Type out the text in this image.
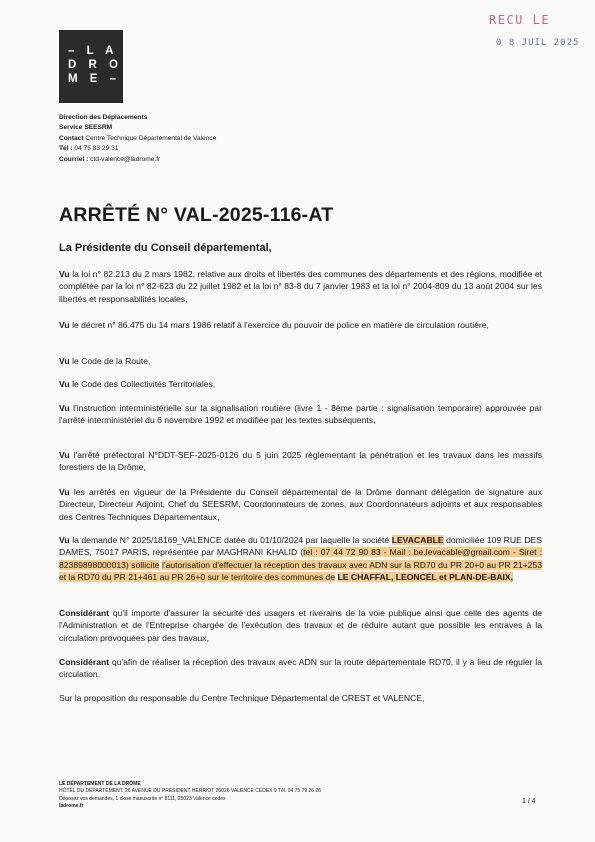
RECU LE
0 8 JUIL 2025
– L A
D R O
M E –
Direction des Déplacements
Service SEESRM
Contact Centre Technique Départemental de Valence
Tél : 04 75 83 29 31
Courriel : ctd-valence@ladrome.fr
ARRÊTÉ N° VAL-2025-116-AT
La Présidente du Conseil départemental,
Vu la loi n° 82.213 du 2 mars 1982, relative aux droits et libertés des communes des départements et des régions, modifiée et complétée par la loi n° 82-623 du 22 juillet 1982 et la loi n° 83-8 du 7 janvier 1983 et la loi n° 2004-809 du 13 août 2004 sur les libertés et responsabilités locales,
Vu le décret n° 86.475 du 14 mars 1986 relatif à l'exercice du pouvoir de police en matière de circulation routière,
Vu le Code de la Route,
Vu le Code des Collectivités Territoriales,
Vu l'instruction interministérielle sur la signalisation routière (livre 1 - 8ème partie : signalisation temporaire) approuvée par l'arrêté interministériel du 6 novembre 1992 et modifiée par les textes subséquents,
Vu l'arrêté préfectoral N°DDT-SEF-2025-0126 du 5 juin 2025 règlementant la pénétration et les travaux dans les massifs forestiers de la Drôme,
Vu les arrêtés en vigueur de la Présidente du Conseil départemental de la Drôme donnant délégation de signature aux Directeur, Directeur Adjoint, Chef du SEESRM, Coordonnateurs de zones, aux Coordonnateurs adjoints et aux responsables des Centres Techniques Départementaux,
Vu la demande N° 2025/18169_VALENCE datée du 01/10/2024 par laquelle la société LEVACABLE domiciliée 109 RUE DES DAMES, 75017 PARIS, représentée par MAGHRANI KHALID (tel : 07 44 72 90 83 - Mail : be.levacable@gmail.com - Siret : 82389898000013) sollicite l'autorisation d'effectuer la réception des travaux avec ADN sur la RD70 du PR 20+0 au PR 21+253 et la RD70 du PR 21+461 au PR 26+0 sur le territoire des communes de LE CHAFFAL, LEONCEL et PLAN-DE-BAIX,
Considérant qu'il importe d'assurer la sécurité des usagers et riverains de la voie publique ainsi que celle des agents de l'Administration et de l'Entreprise chargée de l'exécution des travaux et de réduire autant que possible les entraves à la circulation provoquées par des travaux,
Considérant qu'afin de réaliser la réception des travaux avec ADN sur la route départementale RD70, il y a lieu de réguler la circulation,
Sur la proposition du responsable du Centre Technique Départemental de CREST et VALENCE,
LE DÉPARTEMENT DE LA DRÔME
HÔTEL DU DÉPARTEMENT, 26 AVENUE DU PRÉSIDENT HERRIOT 26026 VALENCE CEDEX 9 Tél. 04 75 79 26 26
Déposez vos demandes, 1 close manuscrite n° 8111, 25023 Valence cedex
ladrome.fr
1 / 4
